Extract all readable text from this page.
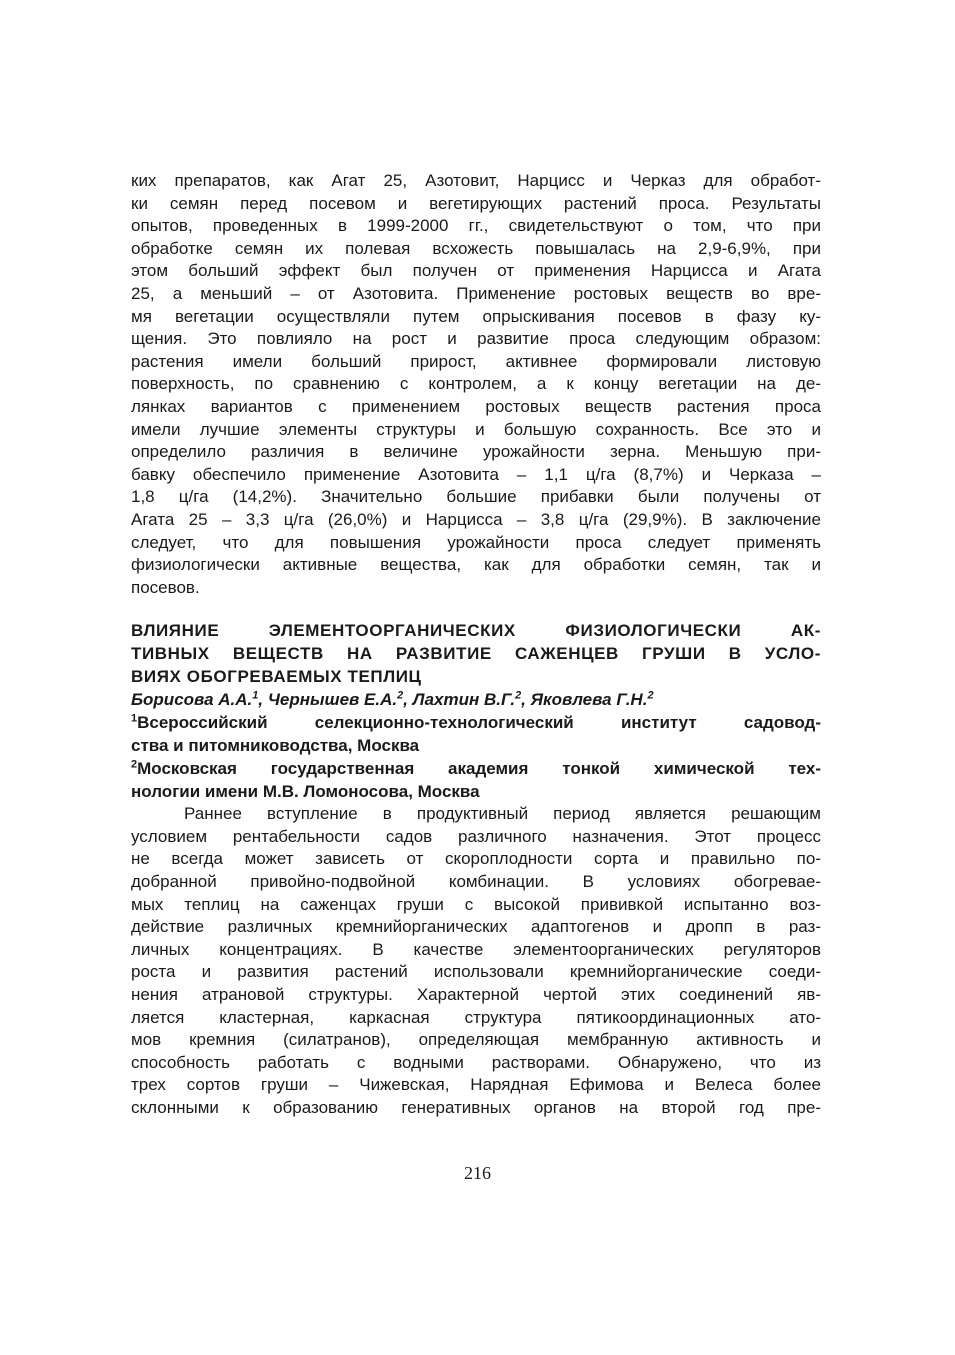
ких препаратов, как Агат 25, Азотовит, Нарцисс и Черказ для обработ-
ки семян перед посевом и вегетирующих растений проса. Результаты
опытов, проведенных в 1999-2000 гг., свидетельствуют о том, что при
обработке семян их полевая всхожесть повышалась на 2,9-6,9%, при
этом больший эффект был получен от применения Нарцисса и Агата
25, а меньший – от Азотовита. Применение ростовых веществ во вре-
мя вегетации осуществляли путем опрыскивания посевов в фазу ку-
щения. Это повлияло на рост и развитие проса следующим образом:
растения имели больший прирост, активнее формировали листовую
поверхность, по сравнению с контролем, а к концу вегетации на де-
лянках вариантов с применением ростовых веществ растения проса
имели лучшие элементы структуры и большую сохранность. Все это и
определило различия в величине урожайности зерна. Меньшую при-
бавку обеспечило применение Азотовита – 1,1 ц/га (8,7%) и Черказа –
1,8 ц/га (14,2%). Значительно большие прибавки были получены от
Агата 25 – 3,3 ц/га (26,0%) и Нарцисса – 3,8 ц/га (29,9%). В заключение
следует, что для повышения урожайности проса следует применять
физиологически активные вещества, как для обработки семян, так и
посевов.
ВЛИЯНИЕ ЭЛЕМЕНТООРГАНИЧЕСКИХ ФИЗИОЛОГИЧЕСКИ АК-
ТИВНЫХ ВЕЩЕСТВ НА РАЗВИТИЕ САЖЕНЦЕВ ГРУШИ В УСЛО-
ВИЯХ ОБОГРЕВАЕМЫХ ТЕПЛИЦ
Борисова А.А.$^1$, Чернышев Е.А.$^2$, Лахтин В.Г.$^2$, Яковлева Г.Н.$^2$
$^1$Всероссийский селекционно-технологический институт садовод-
ства и питомниководства, Москва
$^2$Московская государственная академия тонкой химической тех-
нологии имени М.В. Ломоносова, Москва
Раннее вступление в продуктивный период является решающим
условием рентабельности садов различного назначения. Этот процесс
не всегда может зависеть от скороплодности сорта и правильно по-
добранной привойно-подвойной комбинации. В условиях обогревае-
мых теплиц на саженцах груши с высокой прививкой испытанно воз-
действие различных кремнийорганических адаптогенов и дропп в раз-
личных концентрациях. В качестве элементоорганических регуляторов
роста и развития растений использовали кремнийорганические соеди-
нения атрановой структуры. Характерной чертой этих соединений яв-
ляется кластерная, каркасная структура пятикоординационных ато-
мов кремния (силатранов), определяющая мембранную активность и
способность работать с водными растворами. Обнаружено, что из
трех сортов груши – Чижевская, Нарядная Ефимова и Велеса более
склонными к образованию генеративных органов на второй год пре-
216
